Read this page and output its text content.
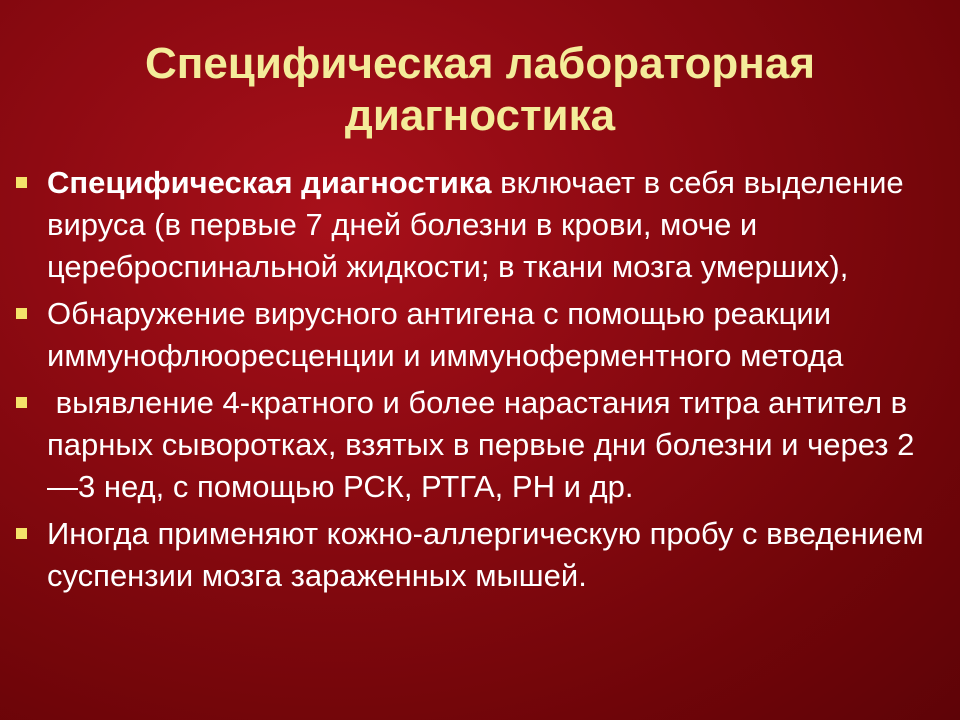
Специфическая лабораторная
диагностика
Специфическая диагностика включает в себя выделение вируса (в первые 7 дней болезни в крови, моче и цереброспинальной жидкости; в ткани мозга умерших),
Обнаружение вирусного антигена с помощью реакции иммунофлюоресценции и иммуноферментного метода
выявление 4-кратного и более нарастания титра антител в парных сыворотках, взятых в первые дни болезни и через 2—3 нед, с помощью РСК, РТГА, РН и др.
Иногда применяют кожно-аллергическую пробу с введением суспензии мозга зараженных мышей.
